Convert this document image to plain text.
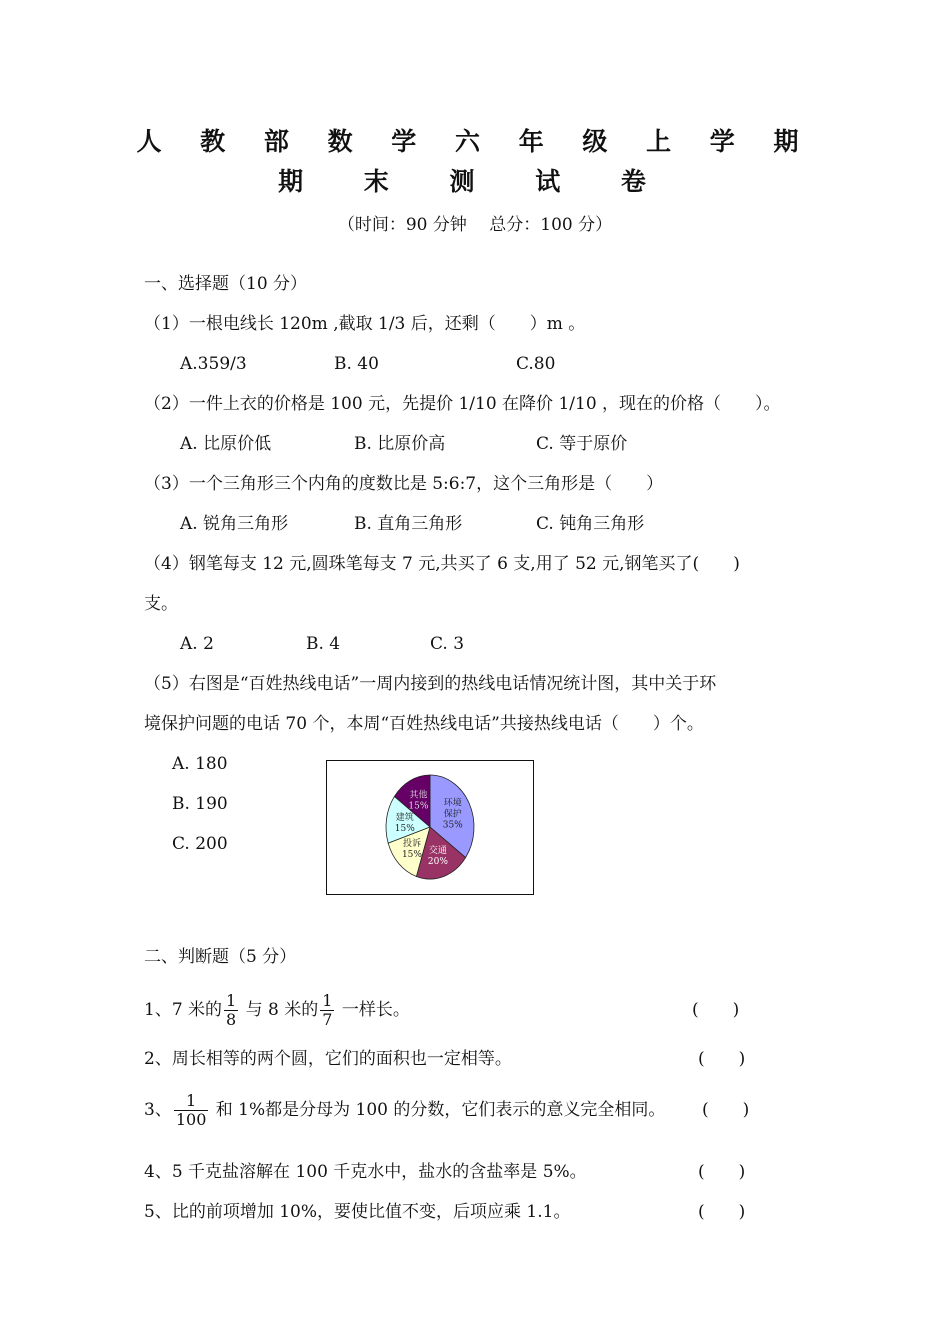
人 教 部 数 学 六 年 级 上 学 期
期 末 测 试 卷
（时间：90 分钟　 总分：100 分）
一、选择题（10 分）
（1）一根电线长 120m ,截取 1/3 后，还剩（　　）m 。
A.359/3	B. 40	C.80
（2）一件上衣的价格是 100 元，先提价 1/10 在降价 1/10 ，现在的价格（　　）。
A. 比原价低	B. 比原价高	C. 等于原价
（3）一个三角形三个内角的度数比是 5:6:7，这个三角形是（　　）
A. 锐角三角形	B. 直角三角形	C. 钝角三角形
（4）钢笔每支 12 元,圆珠笔每支 7 元,共买了 6 支,用了 52 元,钢笔买了(　　)
支。
A. 2	B. 4	C. 3
（5）右图是“百姓热线电话”一周内接到的热线电话情况统计图，其中关于环
境保护问题的电话 70 个，本周“百姓热线电话”共接热线电话（　　）个。
A. 180
B. 190
C. 200
环境
保护
35%
交通
20%
投诉
15%
建筑
15%
其他
15%
二、判断题（5 分）
1、7 米的 $\frac{1}{8}$ 与 8 米的 $\frac{1}{7}$ 一样长。	(　　)
2、周长相等的两个圆，它们的面积也一定相等。	(　　)
3、 $\frac{1}{100}$ 和 1%都是分母为 100 的分数，它们表示的意义完全相同。 (　　)
4、5 千克盐溶解在 100 千克水中，盐水的含盐率是 5%。	(　　)
5、比的前项增加 10%，要使比值不变，后项应乘 1.1。	(　　)
